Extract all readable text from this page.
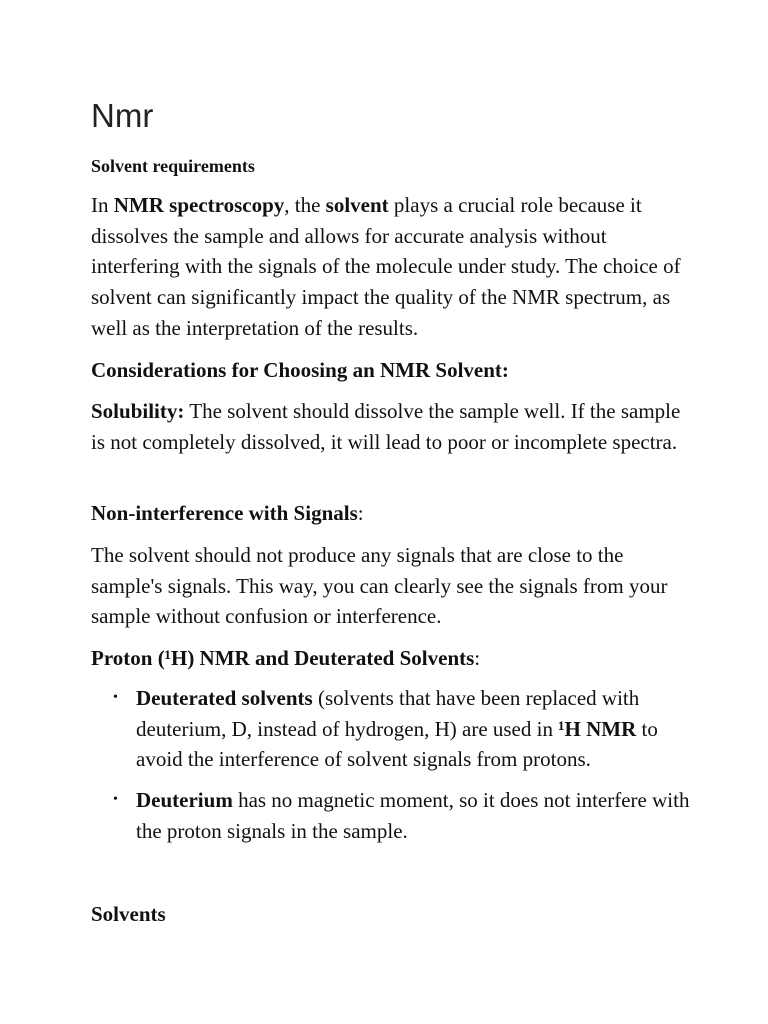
Nmr
Solvent requirements

In NMR spectroscopy, the solvent plays a crucial role because it dissolves the sample and allows for accurate analysis without interfering with the signals of the molecule under study. The choice of solvent can significantly impact the quality of the NMR spectrum, as well as the interpretation of the results.

Considerations for Choosing an NMR Solvent:

Solubility: The solvent should dissolve the sample well. If the sample is not completely dissolved, it will lead to poor or incomplete spectra.

Non-interference with Signals:

The solvent should not produce any signals that are close to the sample's signals. This way, you can clearly see the signals from your sample without confusion or interference.

Proton (¹H) NMR and Deuterated Solvents:

• Deuterated solvents (solvents that have been replaced with deuterium, D, instead of hydrogen, H) are used in ¹H NMR to avoid the interference of solvent signals from protons.
• Deuterium has no magnetic moment, so it does not interfere with the proton signals in the sample.
Solvents
